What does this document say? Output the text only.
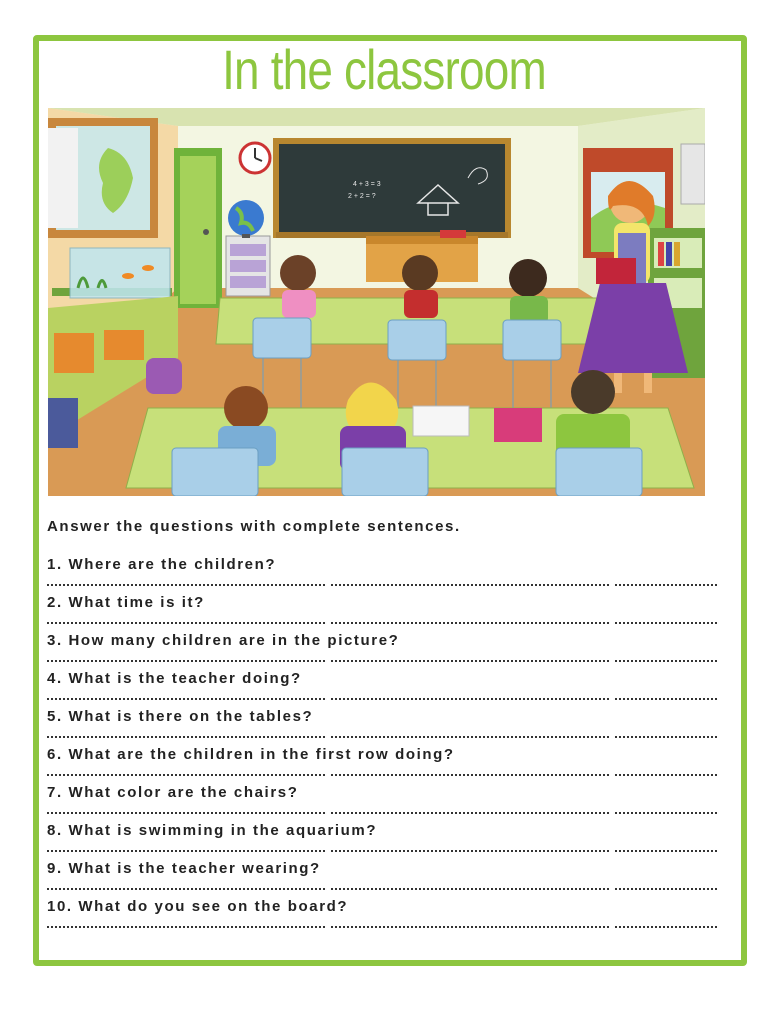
In the classroom
4 + 3 = 3
2 + 2 = ?
Answer the questions with complete sentences.
1. Where are the children?
2. What time is it?
3. How many children are in the picture?
4. What is the teacher doing?
5. What is there on the tables?
6. What are the children in the first row doing?
7. What color are the chairs?
8. What is swimming in the aquarium?
9. What is the teacher wearing?
10. What do you see on the board?
